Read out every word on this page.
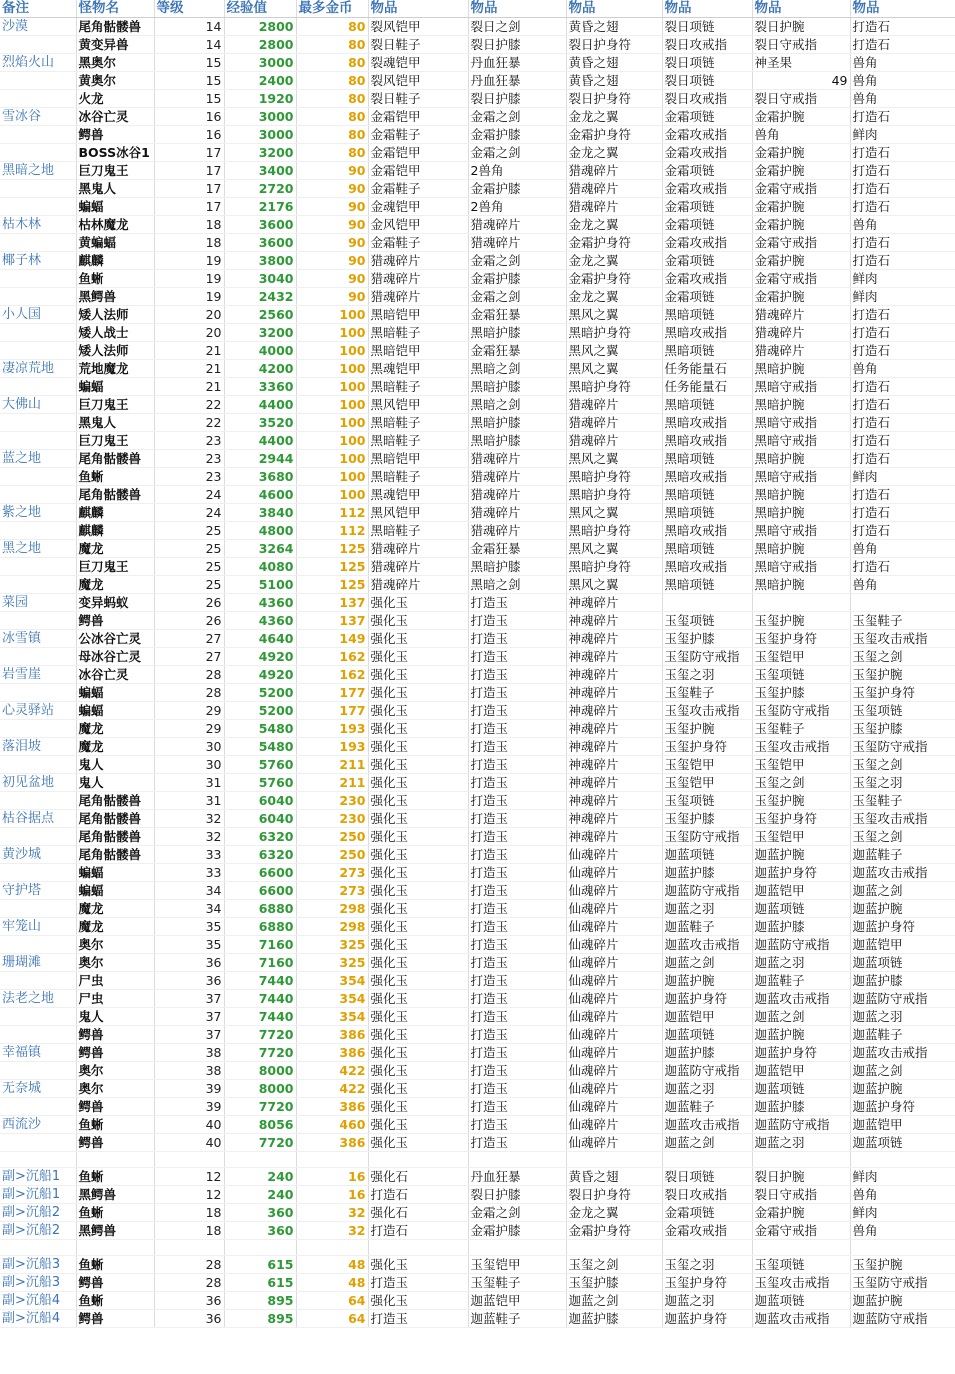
备注	怪物名	等级	经验值	最多金币	物品	物品	物品	物品	物品	物品
沙漠	尾角骷髅兽	14	2800	80	裂风铠甲	裂日之剑	黄昏之翅	裂日项链	裂日护腕	打造石
	黄变异兽	14	2800	80	裂日鞋子	裂日护膝	裂日护身符	裂日攻戒指	裂日守戒指	打造石
烈焰火山	黑奥尔	15	3000	80	裂魂铠甲	丹血狂暴	黄昏之翅	裂日项链	神圣果	兽角
	黄奥尔	15	2400	80	裂风铠甲	丹血狂暴	黄昏之翅	裂日项链	49	兽角
	火龙	15	1920	80	裂日鞋子	裂日护膝	裂日护身符	裂日攻戒指	裂日守戒指	兽角
雪冰谷	冰谷亡灵	16	3000	80	金霜铠甲	金霜之剑	金龙之翼	金霜项链	金霜护腕	打造石
	鳄兽	16	3000	80	金霜鞋子	金霜护膝	金霜护身符	金霜攻戒指	兽角	鲜肉
	BOSS冰谷1	17	3200	80	金霜铠甲	金霜之剑	金龙之翼	金霜攻戒指	金霜护腕	打造石
黑暗之地	巨刀鬼王	17	3400	90	金霜铠甲	2兽角	猎魂碎片	金霜项链	金霜护腕	打造石
	黑鬼人	17	2720	90	金霜鞋子	金霜护膝	猎魂碎片	金霜攻戒指	金霜守戒指	打造石
	蝙蝠	17	2176	90	金魂铠甲	2兽角	猎魂碎片	金霜项链	金霜护腕	打造石
枯木林	枯林魔龙	18	3600	90	金风铠甲	猎魂碎片	金龙之翼	金霜项链	金霜护腕	兽角
	黄蝙蝠	18	3600	90	金霜鞋子	猎魂碎片	金霜护身符	金霜攻戒指	金霜守戒指	打造石
椰子林	麒麟	19	3800	90	猎魂碎片	金霜之剑	金龙之翼	金霜项链	金霜护腕	打造石
	鱼蜥	19	3040	90	猎魂碎片	金霜护膝	金霜护身符	金霜攻戒指	金霜守戒指	鲜肉
	黑鳄兽	19	2432	90	猎魂碎片	金霜之剑	金龙之翼	金霜项链	金霜护腕	鲜肉
小人国	矮人法师	20	2560	100	黑暗铠甲	金霜狂暴	黑风之翼	黑暗项链	猎魂碎片	打造石
	矮人战士	20	3200	100	黑暗鞋子	黑暗护膝	黑暗护身符	黑暗攻戒指	猎魂碎片	打造石
	矮人法师	21	4000	100	黑暗铠甲	金霜狂暴	黑风之翼	黑暗项链	猎魂碎片	打造石
凄凉荒地	荒地魔龙	21	4200	100	黑魂铠甲	黑暗之剑	黑风之翼	任务能量石	黑暗护腕	兽角
	蝙蝠	21	3360	100	黑暗鞋子	黑暗护膝	黑暗护身符	任务能量石	黑暗守戒指	打造石
大佛山	巨刀鬼王	22	4400	100	黑风铠甲	黑暗之剑	猎魂碎片	黑暗项链	黑暗护腕	打造石
	黑鬼人	22	3520	100	黑暗鞋子	黑暗护膝	猎魂碎片	黑暗攻戒指	黑暗守戒指	打造石
	巨刀鬼王	23	4400	100	黑暗鞋子	黑暗护膝	猎魂碎片	黑暗攻戒指	黑暗守戒指	打造石
蓝之地	尾角骷髅兽	23	2944	100	黑暗铠甲	猎魂碎片	黑风之翼	黑暗项链	黑暗护腕	打造石
	鱼蜥	23	3680	100	黑暗鞋子	猎魂碎片	黑暗护身符	黑暗攻戒指	黑暗守戒指	鲜肉
	尾角骷髅兽	24	4600	100	黑魂铠甲	猎魂碎片	黑暗护身符	黑暗项链	黑暗护腕	打造石
紫之地	麒麟	24	3840	112	黑风铠甲	猎魂碎片	黑风之翼	黑暗项链	黑暗护腕	打造石
	麒麟	25	4800	112	黑暗鞋子	猎魂碎片	黑暗护身符	黑暗攻戒指	黑暗守戒指	打造石
黑之地	魔龙	25	3264	125	猎魂碎片	金霜狂暴	黑风之翼	黑暗项链	黑暗护腕	兽角
	巨刀鬼王	25	4080	125	猎魂碎片	黑暗护膝	黑暗护身符	黑暗攻戒指	黑暗守戒指	打造石
	魔龙	25	5100	125	猎魂碎片	黑暗之剑	黑风之翼	黑暗项链	黑暗护腕	兽角
菜园	变异蚂蚁	26	4360	137	强化玉	打造玉	神魂碎片			
	鳄兽	26	4360	137	强化玉	打造玉	神魂碎片	玉玺项链	玉玺护腕	玉玺鞋子
冰雪镇	公冰谷亡灵	27	4640	149	强化玉	打造玉	神魂碎片	玉玺护膝	玉玺护身符	玉玺攻击戒指
	母冰谷亡灵	27	4920	162	强化玉	打造玉	神魂碎片	玉玺防守戒指	玉玺铠甲	玉玺之剑
岩雪崖	冰谷亡灵	28	4920	162	强化玉	打造玉	神魂碎片	玉玺之羽	玉玺项链	玉玺护腕
	蝙蝠	28	5200	177	强化玉	打造玉	神魂碎片	玉玺鞋子	玉玺护膝	玉玺护身符
心灵驿站	蝙蝠	29	5200	177	强化玉	打造玉	神魂碎片	玉玺攻击戒指	玉玺防守戒指	玉玺项链
	魔龙	29	5480	193	强化玉	打造玉	神魂碎片	玉玺护腕	玉玺鞋子	玉玺护膝
落泪坡	魔龙	30	5480	193	强化玉	打造玉	神魂碎片	玉玺护身符	玉玺攻击戒指	玉玺防守戒指
	鬼人	30	5760	211	强化玉	打造玉	神魂碎片	玉玺铠甲	玉玺铠甲	玉玺之剑
初见盆地	鬼人	31	5760	211	强化玉	打造玉	神魂碎片	玉玺铠甲	玉玺之剑	玉玺之羽
	尾角骷髅兽	31	6040	230	强化玉	打造玉	神魂碎片	玉玺项链	玉玺护腕	玉玺鞋子
枯谷据点	尾角骷髅兽	32	6040	230	强化玉	打造玉	神魂碎片	玉玺护膝	玉玺护身符	玉玺攻击戒指
	尾角骷髅兽	32	6320	250	强化玉	打造玉	神魂碎片	玉玺防守戒指	玉玺铠甲	玉玺之剑
黄沙城	尾角骷髅兽	33	6320	250	强化玉	打造玉	仙魂碎片	迦蓝项链	迦蓝护腕	迦蓝鞋子
	蝙蝠	33	6600	273	强化玉	打造玉	仙魂碎片	迦蓝护膝	迦蓝护身符	迦蓝攻击戒指
守护塔	蝙蝠	34	6600	273	强化玉	打造玉	仙魂碎片	迦蓝防守戒指	迦蓝铠甲	迦蓝之剑
	魔龙	34	6880	298	强化玉	打造玉	仙魂碎片	迦蓝之羽	迦蓝项链	迦蓝护腕
牢笼山	魔龙	35	6880	298	强化玉	打造玉	仙魂碎片	迦蓝鞋子	迦蓝护膝	迦蓝护身符
	奥尔	35	7160	325	强化玉	打造玉	仙魂碎片	迦蓝攻击戒指	迦蓝防守戒指	迦蓝铠甲
珊瑚滩	奥尔	36	7160	325	强化玉	打造玉	仙魂碎片	迦蓝之剑	迦蓝之羽	迦蓝项链
	尸虫	36	7440	354	强化玉	打造玉	仙魂碎片	迦蓝护腕	迦蓝鞋子	迦蓝护膝
法老之地	尸虫	37	7440	354	强化玉	打造玉	仙魂碎片	迦蓝护身符	迦蓝攻击戒指	迦蓝防守戒指
	鬼人	37	7440	354	强化玉	打造玉	仙魂碎片	迦蓝铠甲	迦蓝之剑	迦蓝之羽
	鳄兽	37	7720	386	强化玉	打造玉	仙魂碎片	迦蓝项链	迦蓝护腕	迦蓝鞋子
幸福镇	鳄兽	38	7720	386	强化玉	打造玉	仙魂碎片	迦蓝护膝	迦蓝护身符	迦蓝攻击戒指
	奥尔	38	8000	422	强化玉	打造玉	仙魂碎片	迦蓝防守戒指	迦蓝铠甲	迦蓝之剑
无奈城	奥尔	39	8000	422	强化玉	打造玉	仙魂碎片	迦蓝之羽	迦蓝项链	迦蓝护腕
	鳄兽	39	7720	386	强化玉	打造玉	仙魂碎片	迦蓝鞋子	迦蓝护膝	迦蓝护身符
西流沙	鱼蜥	40	8056	460	强化玉	打造玉	仙魂碎片	迦蓝攻击戒指	迦蓝防守戒指	迦蓝铠甲
	鳄兽	40	7720	386	强化玉	打造玉	仙魂碎片	迦蓝之剑	迦蓝之羽	迦蓝项链

副>沉船1	鱼蜥	12	240	16	强化石	丹血狂暴	黄昏之翅	裂日项链	裂日护腕	鲜肉
副>沉船1	黑鳄兽	12	240	16	打造石	裂日护膝	裂日护身符	裂日攻戒指	裂日守戒指	兽角
副>沉船2	鱼蜥	18	360	32	强化石	金霜之剑	金龙之翼	金霜项链	金霜护腕	鲜肉
副>沉船2	黑鳄兽	18	360	32	打造石	金霜护膝	金霜护身符	金霜攻戒指	金霜守戒指	兽角

副>沉船3	鱼蜥	28	615	48	强化玉	玉玺铠甲	玉玺之剑	玉玺之羽	玉玺项链	玉玺护腕
副>沉船3	鳄兽	28	615	48	打造玉	玉玺鞋子	玉玺护膝	玉玺护身符	玉玺攻击戒指	玉玺防守戒指
副>沉船4	鱼蜥	36	895	64	强化玉	迦蓝铠甲	迦蓝之剑	迦蓝之羽	迦蓝项链	迦蓝护腕
副>沉船4	鳄兽	36	895	64	打造玉	迦蓝鞋子	迦蓝护膝	迦蓝护身符	迦蓝攻击戒指	迦蓝防守戒指
